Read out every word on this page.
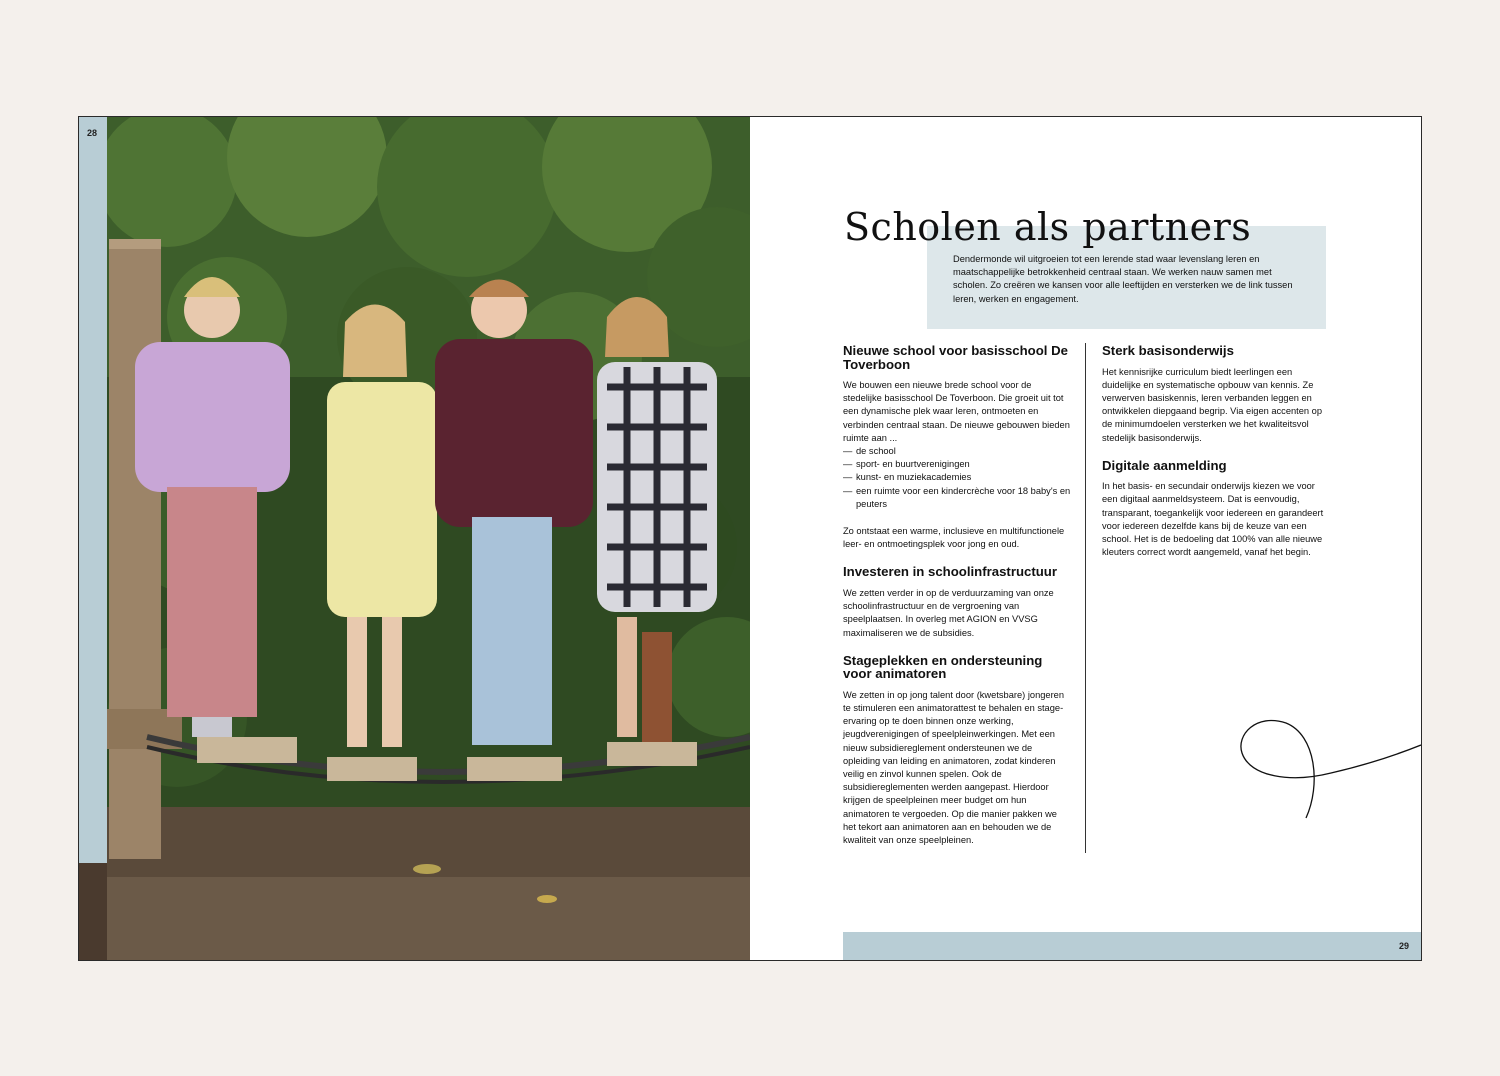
28

Dendermonde wil uitgroeien tot een lerende stad waar levenslang leren en maatschappelijke betrokkenheid centraal staan. We werken nauw samen met scholen. Zo creëren we kansen voor alle leeftijden en versterken we de link tussen leren, werken en engagement.

Scholen als partners
Nieuwe school voor basisschool De Toverboon

We bouwen een nieuwe brede school voor de stedelijke basisschool De Toverboon. Die groeit uit tot een dynamische plek waar leren, ontmoeten en verbinden centraal staan. De nieuwe gebouwen bieden ruimte aan ...

— de school
— sport- en buurtverenigingen
— kunst- en muziekacademies
— een ruimte voor een kindercrèche voor 18 baby's en peuters

Zo ontstaat een warme, inclusieve en multifunctionele leer- en ontmoetingsplek voor jong en oud.

Investeren in schoolinfrastructuur

We zetten verder in op de verduurzaming van onze schoolinfrastructuur en de vergroening van speelplaatsen. In overleg met AGION en VVSG maximaliseren we de subsidies.

Stageplekken en ondersteuning voor animatoren

We zetten in op jong talent door (kwetsbare) jongeren te stimuleren een animatorattest te behalen en stage-ervaring op te doen binnen onze werking, jeugdverenigingen of speelpleinwerkingen. Met een nieuw subsidiereglement ondersteunen we de opleiding van leiding en animatoren, zodat kinderen veilig en zinvol kunnen spelen. Ook de subsidiereglementen werden aangepast. Hierdoor krijgen de speelpleinen meer budget om hun animatoren te vergoeden. Op die manier pakken we het tekort aan animatoren aan en behouden we de kwaliteit van onze speelpleinen.

Sterk basisonderwijs

Het kennisrijke curriculum biedt leerlingen een duidelijke en systematische opbouw van kennis. Ze verwerven basiskennis, leren verbanden leggen en ontwikkelen diepgaand begrip. Via eigen accenten op de minimumdoelen versterken we het kwaliteitsvol stedelijk basisonderwijs.

Digitale aanmelding

In het basis- en secundair onderwijs kiezen we voor een digitaal aanmeldsysteem. Dat is eenvoudig, transparant, toegankelijk voor iedereen en garandeert voor iedereen dezelfde kans bij de keuze van een school. Het is de bedoeling dat 100% van alle nieuwe kleuters correct wordt aangemeld, vanaf het begin.

29
